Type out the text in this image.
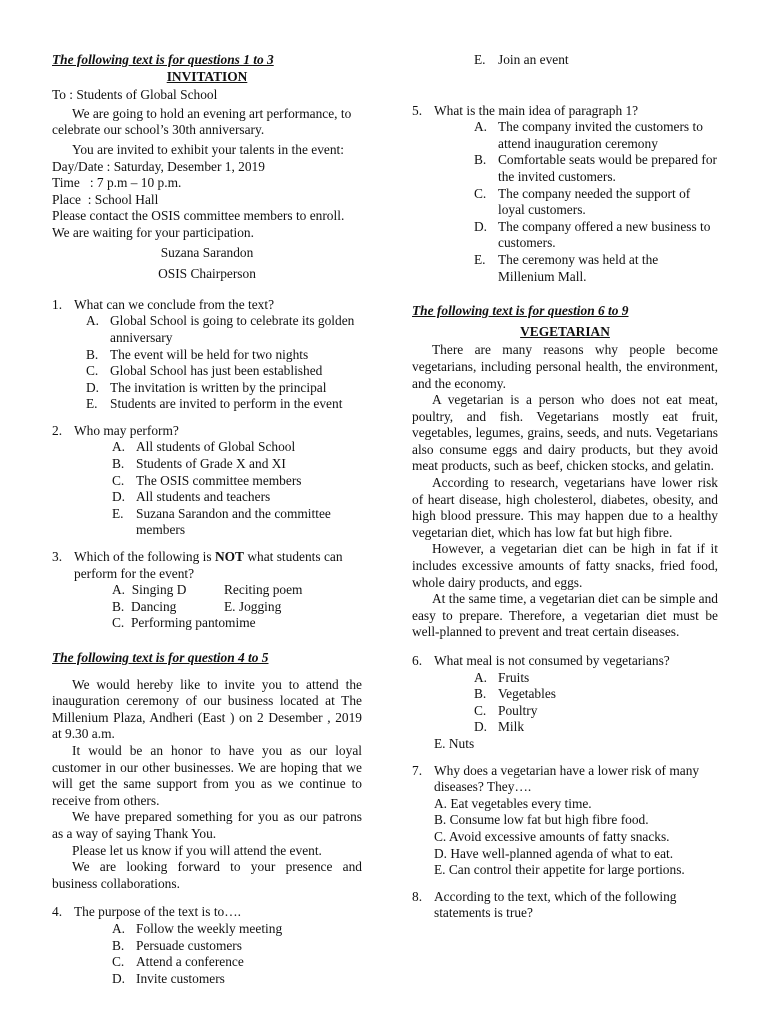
The following text is for questions 1 to 3

INVITATION

To : Students of Global School

We are going to hold an evening art performance, to celebrate our school’s 30th anniversary.

You are invited to exhibit your talents in the event:

Day/Date : Saturday, Desember 1, 2019

Time   : 7 p.m – 10 p.m.

Place  : School Hall

Please contact the OSIS committee members to enroll. We are waiting for your participation.

Suzana Sarandon

OSIS Chairperson

1. What can we conclude from the text?
A. Global School is going to celebrate its golden anniversary
B. The event will be held for two nights
C. Global School has just been established
D. The invitation is written by the principal
E. Students are invited to perform in the event
2. Who may perform?
A. All students of Global School
B. Students of Grade X and XI
C. The OSIS committee members
D. All students and teachers
E. Suzana Sarandon and the committee members
3. Which of the following is NOT what students can perform for the event?
A.  Singing D	Reciting poem
B.  Dancing	E. Jogging
C.  Performing pantomime

The following text is for question 4 to 5

We would hereby like to invite you to attend the inauguration ceremony of our business located at The Millenium Plaza, Andheri (East ) on 2 Desember , 2019 at 9.30 a.m.

It would be an honor to have you as our loyal customer in our other businesses. We are hoping that we will get the same support from you as we continue to receive from others.

We have prepared something for you as our patrons as a way of saying Thank You.

Please let us know if you will attend the event.

We are looking forward to your presence and business collaborations.

4. The purpose of the text is to….
A. Follow the weekly meeting
B. Persuade customers
C. Attend a conference
D. Invite customers
E. Join an event
5. What is the main idea of paragraph 1?
A. The company invited the customers to attend inauguration ceremony
B. Comfortable seats would be prepared for the invited customers.
C. The company needed the support of loyal customers.
D. The company offered a new business to customers.
E. The ceremony was held at the Millenium Mall.

The following text is for question 6 to 9

VEGETARIAN

There are many reasons why people become vegetarians, including personal health, the environment, and the economy.

A vegetarian is a person who does not eat meat, poultry, and fish. Vegetarians mostly eat fruit, vegetables, legumes, grains, seeds, and nuts. Vegetarians also consume eggs and dairy products, but they avoid meat products, such as beef, chicken stocks, and gelatin.

According to research, vegetarians have lower risk of heart disease, high cholesterol, diabetes, obesity, and high blood pressure. This may happen due to a healthy vegetarian diet, which has low fat but high fibre.

However, a vegetarian diet can be high in fat if it includes excessive amounts of fatty snacks, fried food, whole dairy products, and eggs.

At the same time, a vegetarian diet can be simple and easy to prepare. Therefore, a vegetarian diet must be well-planned to prevent and treat certain diseases.

6. What meal is not consumed by vegetarians?
A. Fruits
B. Vegetables
C. Poultry
D. Milk
E. Nuts
7. Why does a vegetarian have a lower risk of many diseases? They….
A. Eat vegetables every time.
B. Consume low fat but high fibre food.
C. Avoid excessive amounts of fatty snacks.
D. Have well-planned agenda of what to eat.
E. Can control their appetite for large portions.
8. According to the text, which of the following statements is true?
